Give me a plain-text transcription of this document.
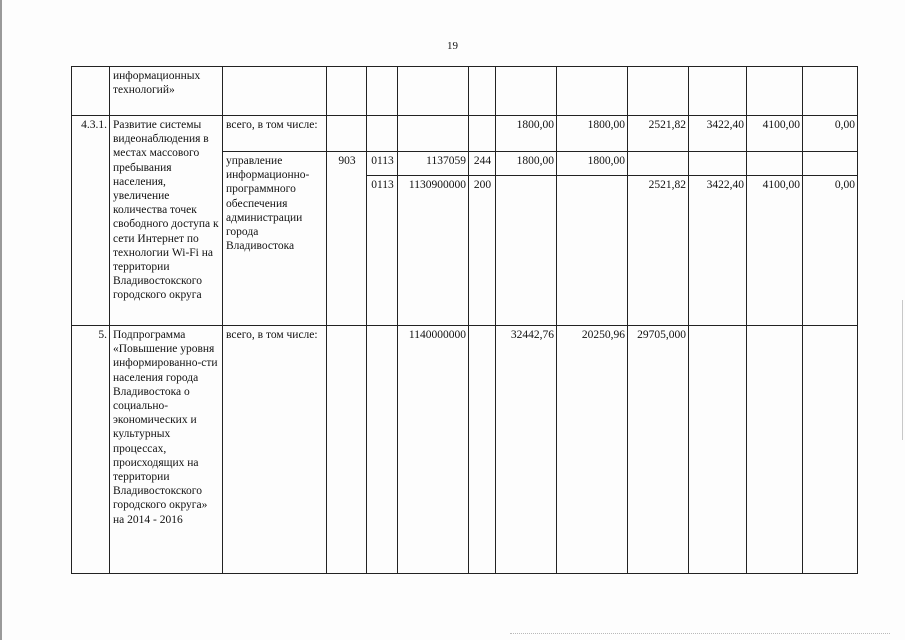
19
	информационных технологий»											
4.3.1.	Развитие системы видеонаблюдения в местах массового пребывания населения, увеличение количества точек свободного доступа к сети Интернет по технологии Wi-Fi на территории Владивостокского городского округа	всего, в том числе:					1800,00	1800,00	2521,82	3422,40	4100,00	0,00
		управление информационно-программного обеспечения администрации города Владивостока	903	0113	1137059	244	1800,00	1800,00				
				0113	1130900000	200			2521,82	3422,40	4100,00	0,00
5.	Подпрограмма «Повышение уровня информированно-сти населения города Владивостока о социально-экономических и культурных процессах, происходящих на территории Владивостокского городского округа» на 2014 - 2016	всего, в том числе:			1140000000		32442,76	20250,96	29705,000			
